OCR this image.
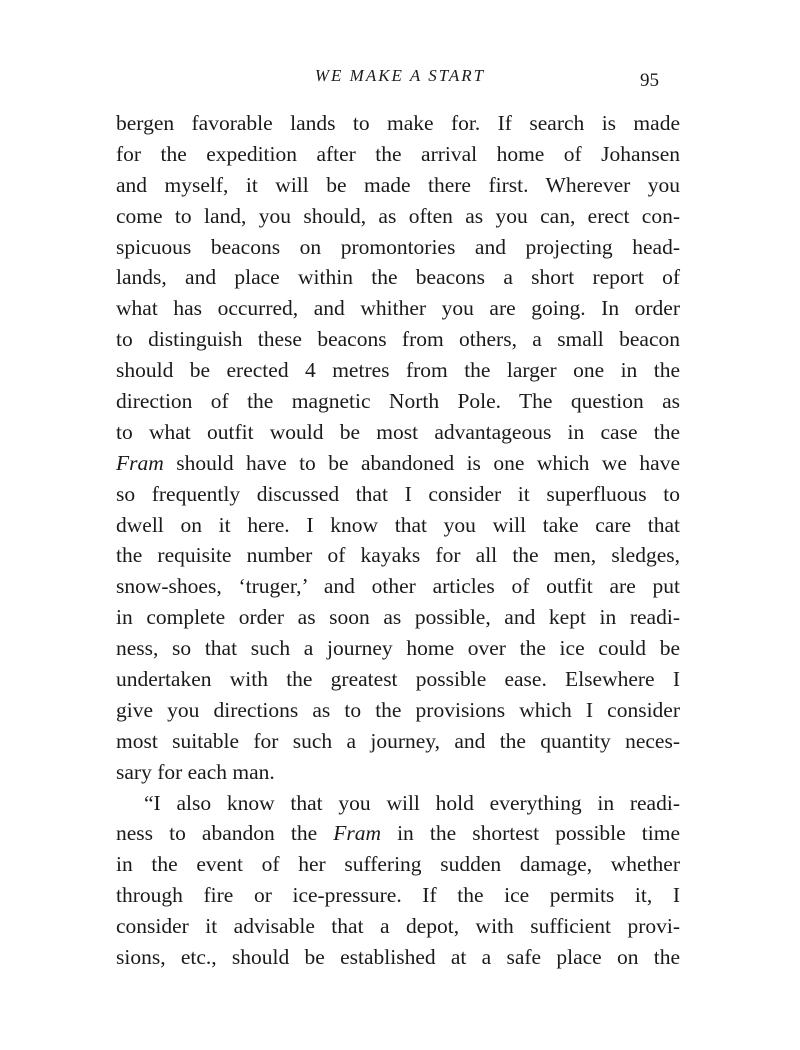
WE MAKE A START	95
bergen favorable lands to make for. If search is made
for the expedition after the arrival home of Johansen
and myself, it will be made there first. Wherever you
come to land, you should, as often as you can, erect con-
spicuous beacons on promontories and projecting head-
lands, and place within the beacons a short report of
what has occurred, and whither you are going. In order
to distinguish these beacons from others, a small beacon
should be erected 4 metres from the larger one in the
direction of the magnetic North Pole. The question as
to what outfit would be most advantageous in case the
Fram should have to be abandoned is one which we have
so frequently discussed that I consider it superfluous to
dwell on it here. I know that you will take care that
the requisite number of kayaks for all the men, sledges,
snow-shoes, ‘truger,’ and other articles of outfit are put
in complete order as soon as possible, and kept in readi-
ness, so that such a journey home over the ice could be
undertaken with the greatest possible ease. Elsewhere I
give you directions as to the provisions which I consider
most suitable for such a journey, and the quantity neces-
sary for each man.
“I also know that you will hold everything in readi-
ness to abandon the Fram in the shortest possible time
in the event of her suffering sudden damage, whether
through fire or ice-pressure. If the ice permits it, I
consider it advisable that a depot, with sufficient provi-
sions, etc., should be established at a safe place on the
